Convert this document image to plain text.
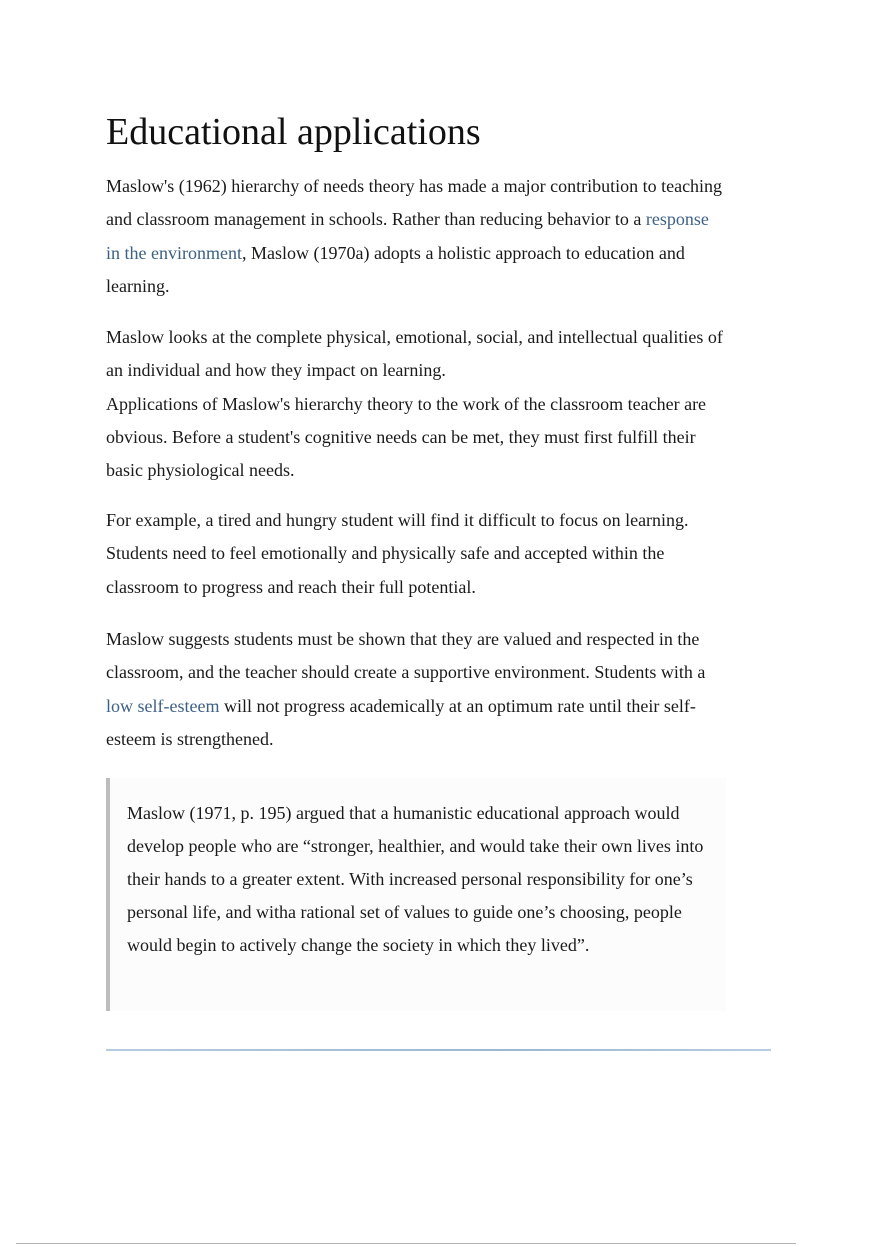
Educational applications

Maslow's (1962) hierarchy of needs theory has made a major contribution to teaching and classroom management in schools. Rather than reducing behavior to a response in the environment, Maslow (1970a) adopts a holistic approach to education and learning.

Maslow looks at the complete physical, emotional, social, and intellectual qualities of an individual and how they impact on learning.
Applications of Maslow's hierarchy theory to the work of the classroom teacher are obvious. Before a student's cognitive needs can be met, they must first fulfill their basic physiological needs.

For example, a tired and hungry student will find it difficult to focus on learning. Students need to feel emotionally and physically safe and accepted within the classroom to progress and reach their full potential.

Maslow suggests students must be shown that they are valued and respected in the classroom, and the teacher should create a supportive environment. Students with a low self-esteem will not progress academically at an optimum rate until their self-esteem is strengthened.

Maslow (1971, p. 195) argued that a humanistic educational approach would develop people who are “stronger, healthier, and would take their own lives into their hands to a greater extent. With increased personal responsibility for one’s personal life, and witha rational set of values to guide one’s choosing, people would begin to actively change the society in which they lived”.
